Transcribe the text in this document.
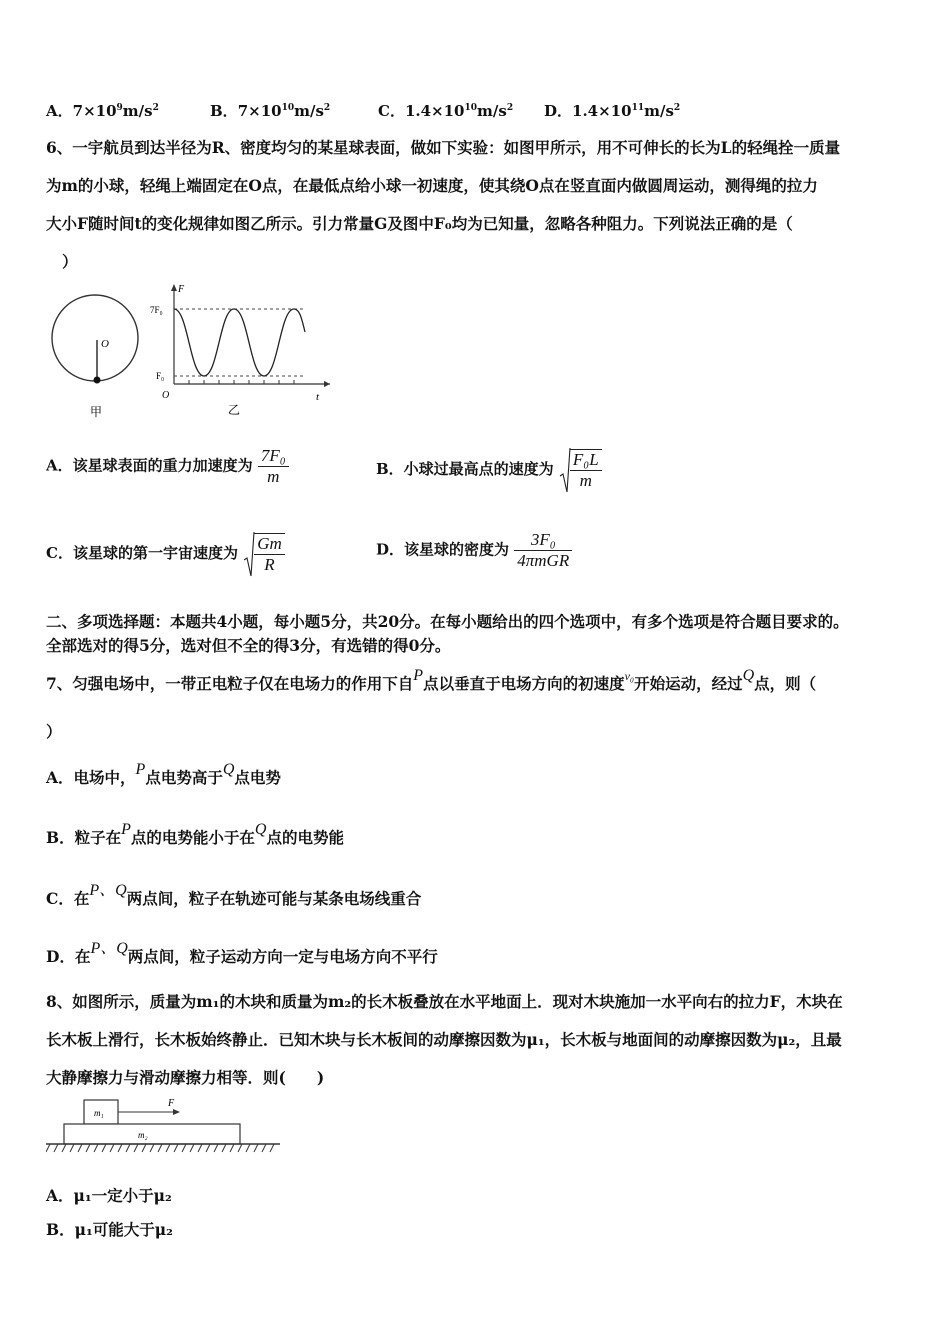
A．$7\times 10^9m/s^2$	B．$7\times 10^{10}m/s^2$	C．$1.4\times 10^{10}m/s^2$ D．$1.4\times 10^{11}m/s^2$
6、一宇航员到达半径为R、密度均匀的某星球表面，做如下实验：如图甲所示，用不可伸长的长为L的轻绳拴一质量
为m的小球，轻绳上端固定在O点，在最低点给小球一初速度，使其绕O点在竖直面内做圆周运动，测得绳的拉力
大小F随时间t的变化规律如图乙所示。引力常量G及图中F₀均为已知量，忽略各种阻力。下列说法正确的是（
）
O
甲
F
7F₀
F₀
O	t
乙
A．该星球表面的重力加速度为 $\frac{\text{7F₀}}{m}$	B．小球过最高点的速度为 $\frac{\text{F₀L}}{m}$
C．该星球的第一宇宙速度为 $\frac{Gm}{R}$	D．该星球的密度为 $\frac{\text{3F₀}}{\text{4πmGR}}$
二、多项选择题：本题共4小题，每小题5分，共20分。在每小题给出的四个选项中，有多个选项是符合题目要求的。
全部选对的得5分，选对但不全的得3分，有选错的得0分。
7、匀强电场中，一带正电粒子仅在电场力的作用下自P点以垂直于电场方向的初速度$^{v_0}$开始运动，经过Q点，则（
）
A．电场中，P点电势高于Q点电势
B．粒子在P点的电势能小于在Q点的电势能
C．在P、Q两点间，粒子在轨迹可能与某条电场线重合
D．在P、Q两点间，粒子运动方向一定与电场方向不平行
8、如图所示，质量为m₁的木块和质量为m₂的长木板叠放在水平地面上．现对木块施加一水平向右的拉力F，木块在
长木板上滑行，长木板始终静止．已知木块与长木板间的动摩擦因数为μ₁，长木板与地面间的动摩擦因数为μ₂，且最
大静摩擦力与滑动摩擦力相等．则(　　)
m₁
F
m₂
A．μ₁一定小于μ₂
B．μ₁可能大于μ₂
